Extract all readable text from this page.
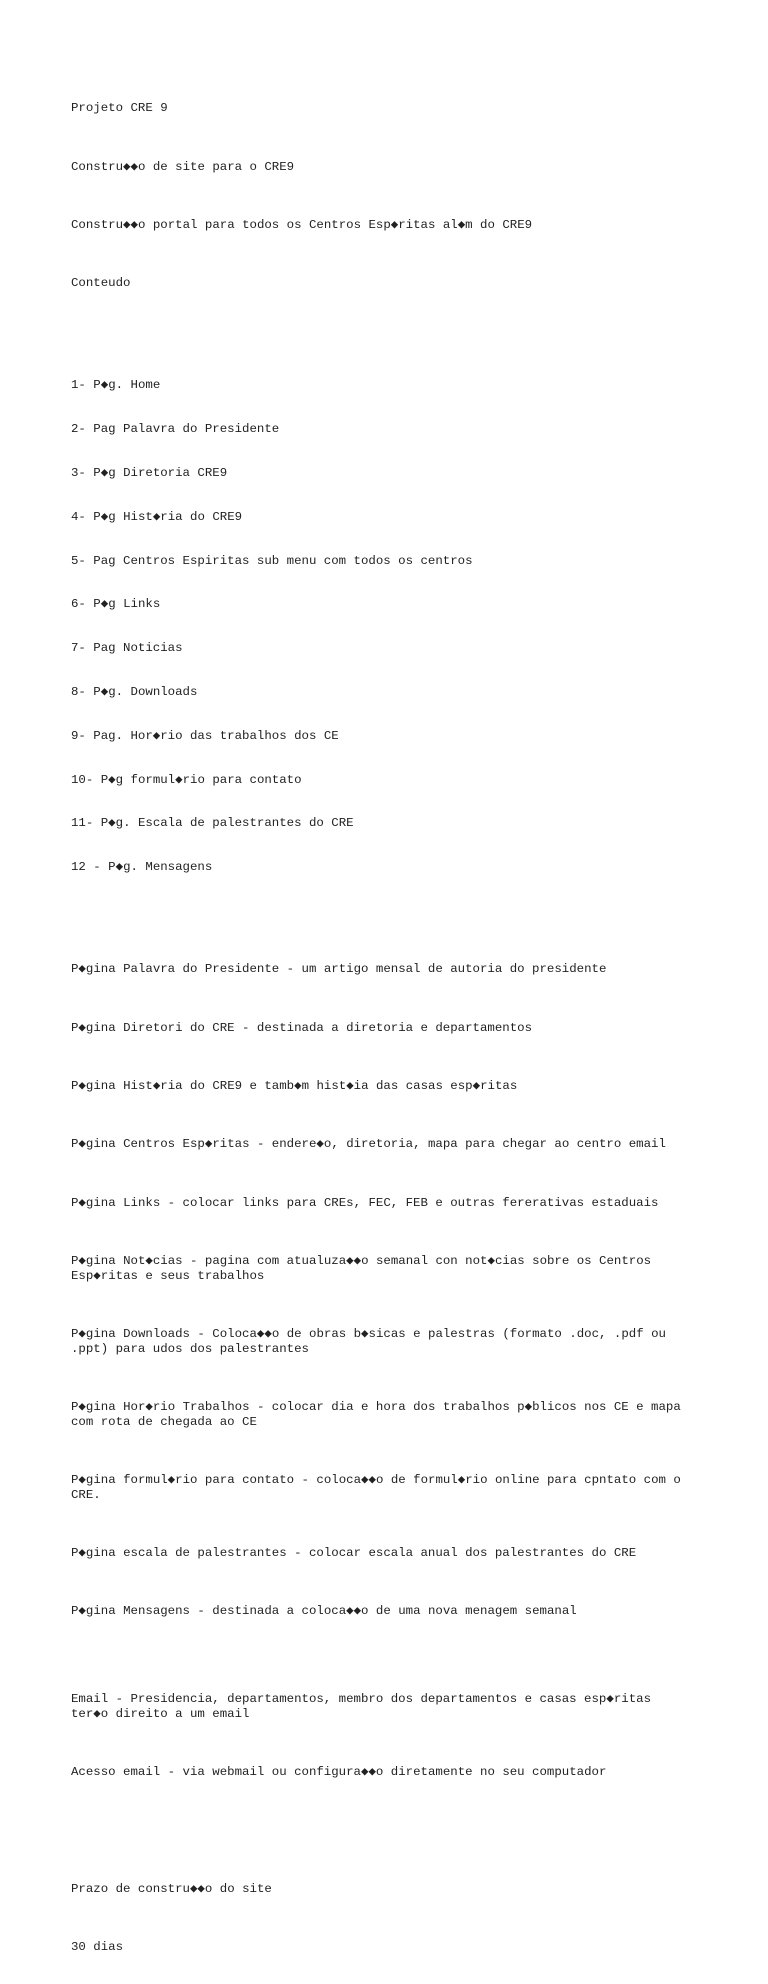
Projeto CRE 9

Constru◆◆o de site para o CRE9

Constru◆◆o portal para todos os Centros Esp◆ritas al◆m do CRE9

Conteudo

1- P◆g. Home

2- Pag Palavra do Presidente

3- P◆g Diretoria CRE9

4- P◆g Hist◆ria do CRE9

5- Pag Centros Espiritas sub menu com todos os centros

6- P◆g Links

7- Pag Noticias

8- P◆g. Downloads

9- Pag. Hor◆rio das trabalhos dos CE

10- P◆g formul◆rio para contato

11- P◆g. Escala de palestrantes do CRE

12 - P◆g. Mensagens

P◆gina Palavra do Presidente - um artigo mensal de autoria do presidente

P◆gina Diretori do CRE - destinada a diretoria e departamentos

P◆gina Hist◆ria do CRE9 e tamb◆m hist◆ia das casas esp◆ritas

P◆gina Centros Esp◆ritas - endere◆o, diretoria, mapa para chegar ao centro email

P◆gina Links - colocar links para CREs, FEC, FEB e outras fererativas estaduais

P◆gina Not◆cias - pagina com atualuza◆◆o semanal con not◆cias sobre os Centros
Esp◆ritas e seus trabalhos

P◆gina Downloads - Coloca◆◆o de obras b◆sicas e palestras (formato .doc, .pdf ou
.ppt) para udos dos palestrantes

P◆gina Hor◆rio Trabalhos - colocar dia e hora dos trabalhos p◆blicos nos CE e mapa
com rota de chegada ao CE

P◆gina formul◆rio para contato - coloca◆◆o de formul◆rio online para cpntato com o
CRE.

P◆gina escala de palestrantes - colocar escala anual dos palestrantes do CRE

P◆gina Mensagens - destinada a coloca◆◆o de uma nova menagem semanal

Email - Presidencia, departamentos, membro dos departamentos e casas esp◆ritas
ter◆o direito a um email

Acesso email - via webmail ou configura◆◆o diretamente no seu computador

Prazo de constru◆◆o do site

30 dias
